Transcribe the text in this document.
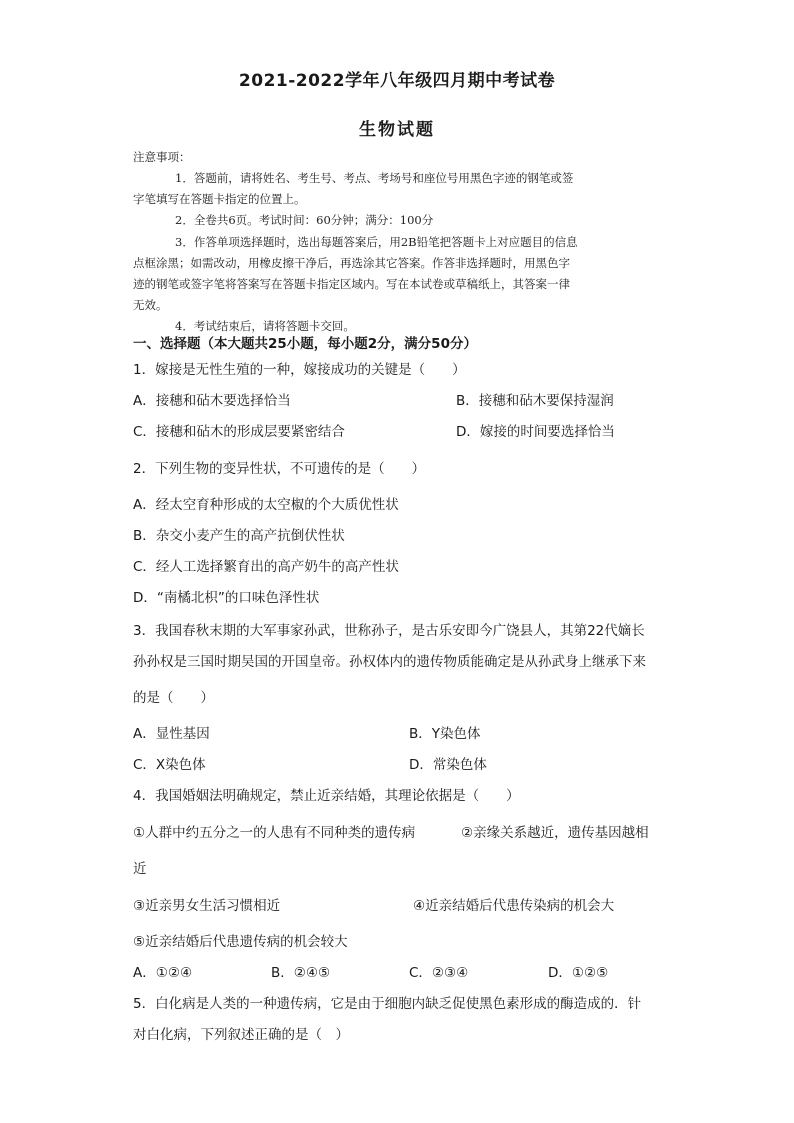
2021-2022学年八年级四月期中考试卷
生物试题
注意事项：
1．答题前，请将姓名、考生号、考点、考场号和座位号用黑色字迹的钢笔或签
字笔填写在答题卡指定的位置上。
2．全卷共6页。考试时间：60分钟；满分：100分
3．作答单项选择题时，选出每题答案后，用2B铅笔把答题卡上对应题目的信息
点框涂黑；如需改动，用橡皮擦干净后，再选涂其它答案。作答非选择题时，用黑色字
迹的钢笔或签字笔将答案写在答题卡指定区域内。写在本试卷或草稿纸上，其答案一律
无效。
4．考试结束后，请将答题卡交回。
一、选择题（本大题共25小题，每小题2分，满分50分）
1．嫁接是无性生殖的一种，嫁接成功的关键是（　　）
A．接穗和砧木要选择恰当	B．接穗和砧木要保持湿润
C．接穗和砧木的形成层要紧密结合	D．嫁接的时间要选择恰当
2．下列生物的变异性状，不可遗传的是（　　）
A．经太空育种形成的太空椒的个大质优性状
B．杂交小麦产生的高产抗倒伏性状
C．经人工选择繁育出的高产奶牛的高产性状
D．“南橘北枳”的口味色泽性状
3．我国春秋末期的大军事家孙武，世称孙子，是古乐安即今广饶县人，其第22代嫡长
孙孙权是三国时期吴国的开国皇帝。孙权体内的遗传物质能确定是从孙武身上继承下来
的是（　　）
A．显性基因	B．Y染色体
C．X染色体	D．常染色体
4．我国婚姻法明确规定，禁止近亲结婚，其理论依据是（　　）
①人群中约五分之一的人患有不同种类的遗传病	②亲缘关系越近，遗传基因越相
近
③近亲男女生活习惯相近	④近亲结婚后代患传染病的机会大
⑤近亲结婚后代患遗传病的机会较大
A．①②④	B．②④⑤	C．②③④	D．①②⑤
5．白化病是人类的一种遗传病，它是由于细胞内缺乏促使黑色素形成的酶造成的．针
对白化病，下列叙述正确的是（　）
